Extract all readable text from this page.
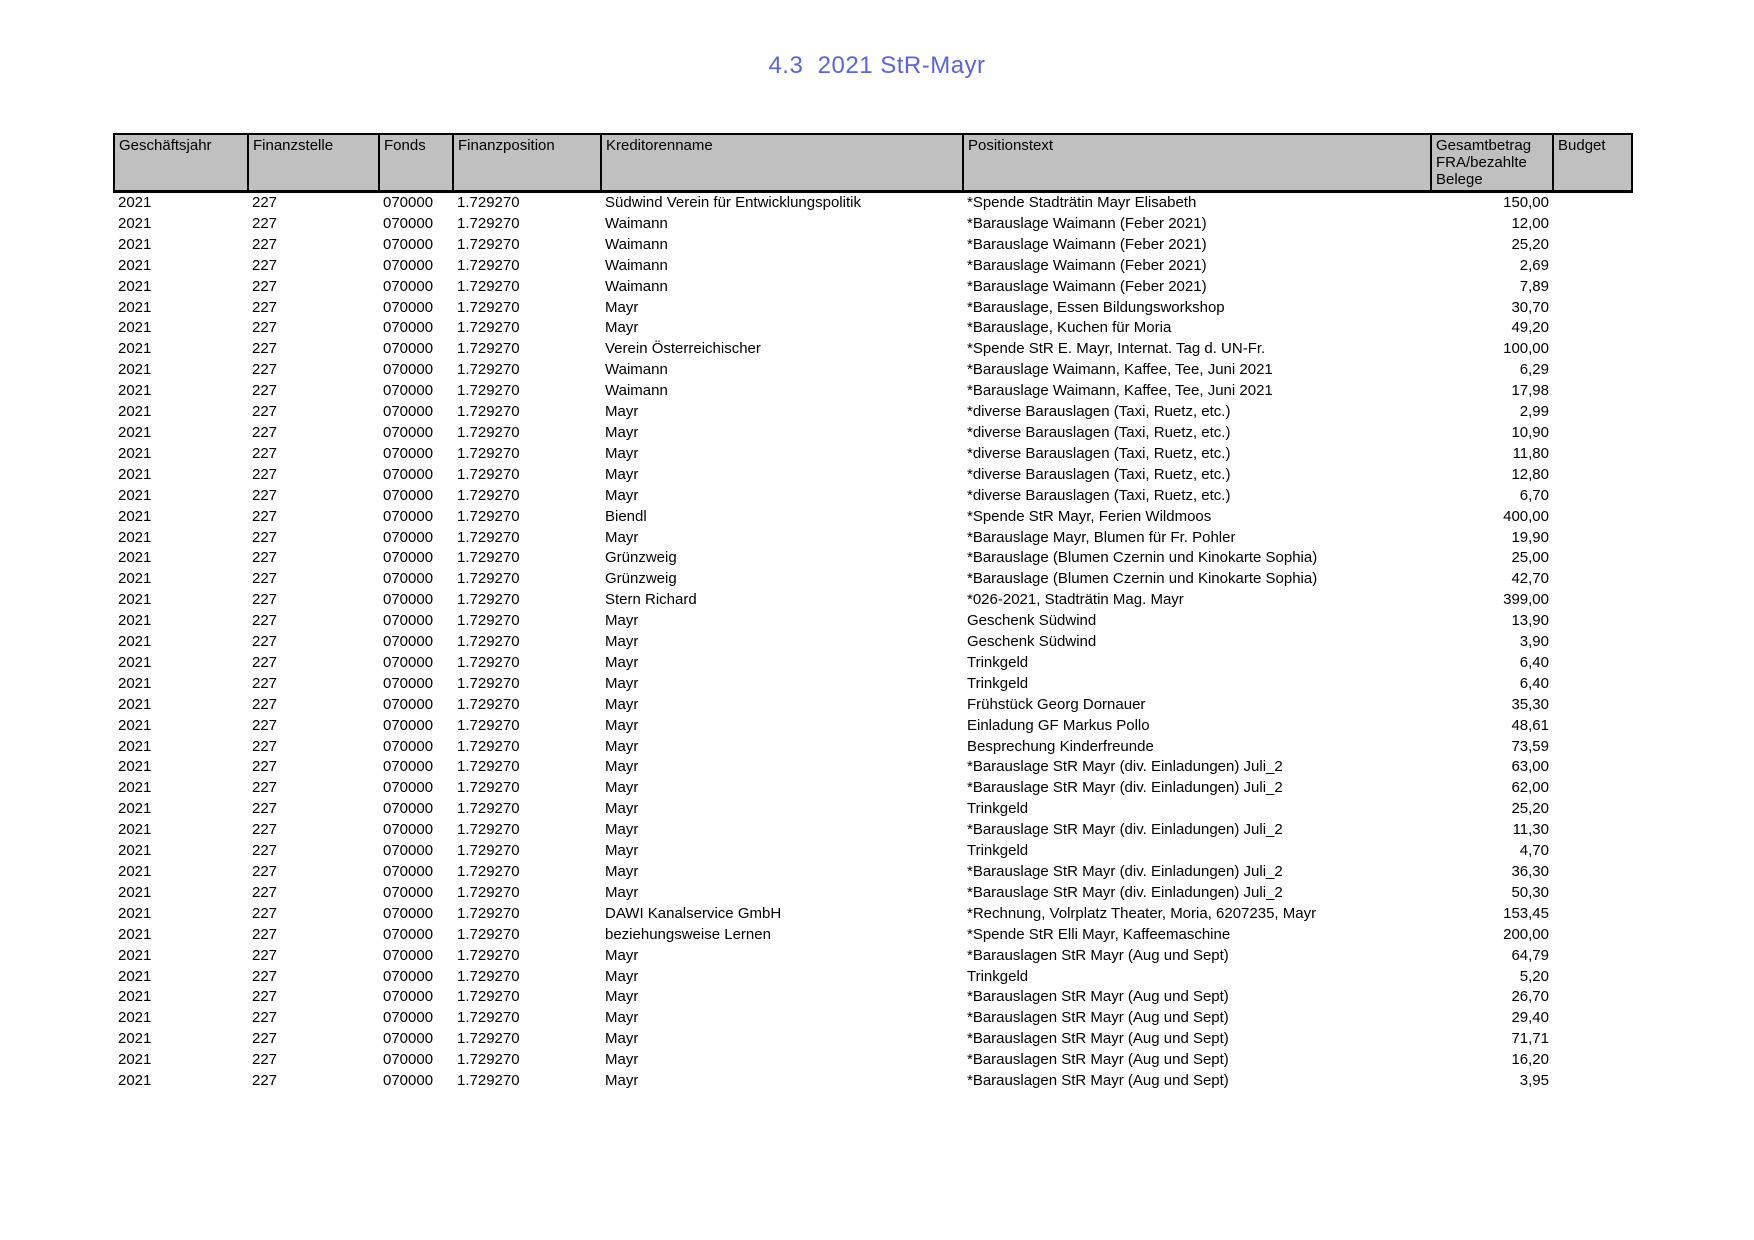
4.3  2021 StR-Mayr
Geschäftsjahr	Finanzstelle	Fonds	Finanzposition	Kreditorenname	Positionstext	Gesamtbetrag FRA/bezahlte Belege	Budget
2021	227	070000	1.729270	Südwind Verein für Entwicklungspolitik	*Spende Stadträtin Mayr Elisabeth	150,00	
2021	227	070000	1.729270	Waimann	*Barauslage Waimann (Feber 2021)	12,00	
2021	227	070000	1.729270	Waimann	*Barauslage Waimann (Feber 2021)	25,20	
2021	227	070000	1.729270	Waimann	*Barauslage Waimann (Feber 2021)	2,69	
2021	227	070000	1.729270	Waimann	*Barauslage Waimann (Feber 2021)	7,89	
2021	227	070000	1.729270	Mayr	*Barauslage, Essen Bildungsworkshop	30,70	
2021	227	070000	1.729270	Mayr	*Barauslage, Kuchen für Moria	49,20	
2021	227	070000	1.729270	Verein Österreichischer	*Spende StR E. Mayr, Internat. Tag d. UN-Fr.	100,00	
2021	227	070000	1.729270	Waimann	*Barauslage Waimann, Kaffee, Tee, Juni 2021	6,29	
2021	227	070000	1.729270	Waimann	*Barauslage Waimann, Kaffee, Tee, Juni 2021	17,98	
2021	227	070000	1.729270	Mayr	*diverse Barauslagen (Taxi, Ruetz, etc.)	2,99	
2021	227	070000	1.729270	Mayr	*diverse Barauslagen (Taxi, Ruetz, etc.)	10,90	
2021	227	070000	1.729270	Mayr	*diverse Barauslagen (Taxi, Ruetz, etc.)	11,80	
2021	227	070000	1.729270	Mayr	*diverse Barauslagen (Taxi, Ruetz, etc.)	12,80	
2021	227	070000	1.729270	Mayr	*diverse Barauslagen (Taxi, Ruetz, etc.)	6,70	
2021	227	070000	1.729270	Biendl	*Spende StR Mayr, Ferien Wildmoos	400,00	
2021	227	070000	1.729270	Mayr	*Barauslage Mayr, Blumen für Fr. Pohler	19,90	
2021	227	070000	1.729270	Grünzweig	*Barauslage (Blumen Czernin und Kinokarte Sophia)	25,00	
2021	227	070000	1.729270	Grünzweig	*Barauslage (Blumen Czernin und Kinokarte Sophia)	42,70	
2021	227	070000	1.729270	Stern Richard	*026-2021, Stadträtin Mag. Mayr	399,00	
2021	227	070000	1.729270	Mayr	Geschenk Südwind	13,90	
2021	227	070000	1.729270	Mayr	Geschenk Südwind	3,90	
2021	227	070000	1.729270	Mayr	Trinkgeld	6,40	
2021	227	070000	1.729270	Mayr	Trinkgeld	6,40	
2021	227	070000	1.729270	Mayr	Frühstück Georg Dornauer	35,30	
2021	227	070000	1.729270	Mayr	Einladung GF Markus Pollo	48,61	
2021	227	070000	1.729270	Mayr	Besprechung Kinderfreunde	73,59	
2021	227	070000	1.729270	Mayr	*Barauslage StR Mayr (div. Einladungen) Juli_2	63,00	
2021	227	070000	1.729270	Mayr	*Barauslage StR Mayr (div. Einladungen) Juli_2	62,00	
2021	227	070000	1.729270	Mayr	Trinkgeld	25,20	
2021	227	070000	1.729270	Mayr	*Barauslage StR Mayr (div. Einladungen) Juli_2	11,30	
2021	227	070000	1.729270	Mayr	Trinkgeld	4,70	
2021	227	070000	1.729270	Mayr	*Barauslage StR Mayr (div. Einladungen) Juli_2	36,30	
2021	227	070000	1.729270	Mayr	*Barauslage StR Mayr (div. Einladungen) Juli_2	50,30	
2021	227	070000	1.729270	DAWI Kanalservice GmbH	*Rechnung, Volrplatz Theater, Moria, 6207235, Mayr	153,45	
2021	227	070000	1.729270	beziehungsweise Lernen	*Spende StR Elli Mayr, Kaffeemaschine	200,00	
2021	227	070000	1.729270	Mayr	*Barauslagen StR Mayr (Aug und Sept)	64,79	
2021	227	070000	1.729270	Mayr	Trinkgeld	5,20	
2021	227	070000	1.729270	Mayr	*Barauslagen StR Mayr (Aug und Sept)	26,70	
2021	227	070000	1.729270	Mayr	*Barauslagen StR Mayr (Aug und Sept)	29,40	
2021	227	070000	1.729270	Mayr	*Barauslagen StR Mayr (Aug und Sept)	71,71	
2021	227	070000	1.729270	Mayr	*Barauslagen StR Mayr (Aug und Sept)	16,20	
2021	227	070000	1.729270	Mayr	*Barauslagen StR Mayr (Aug und Sept)	3,95	
